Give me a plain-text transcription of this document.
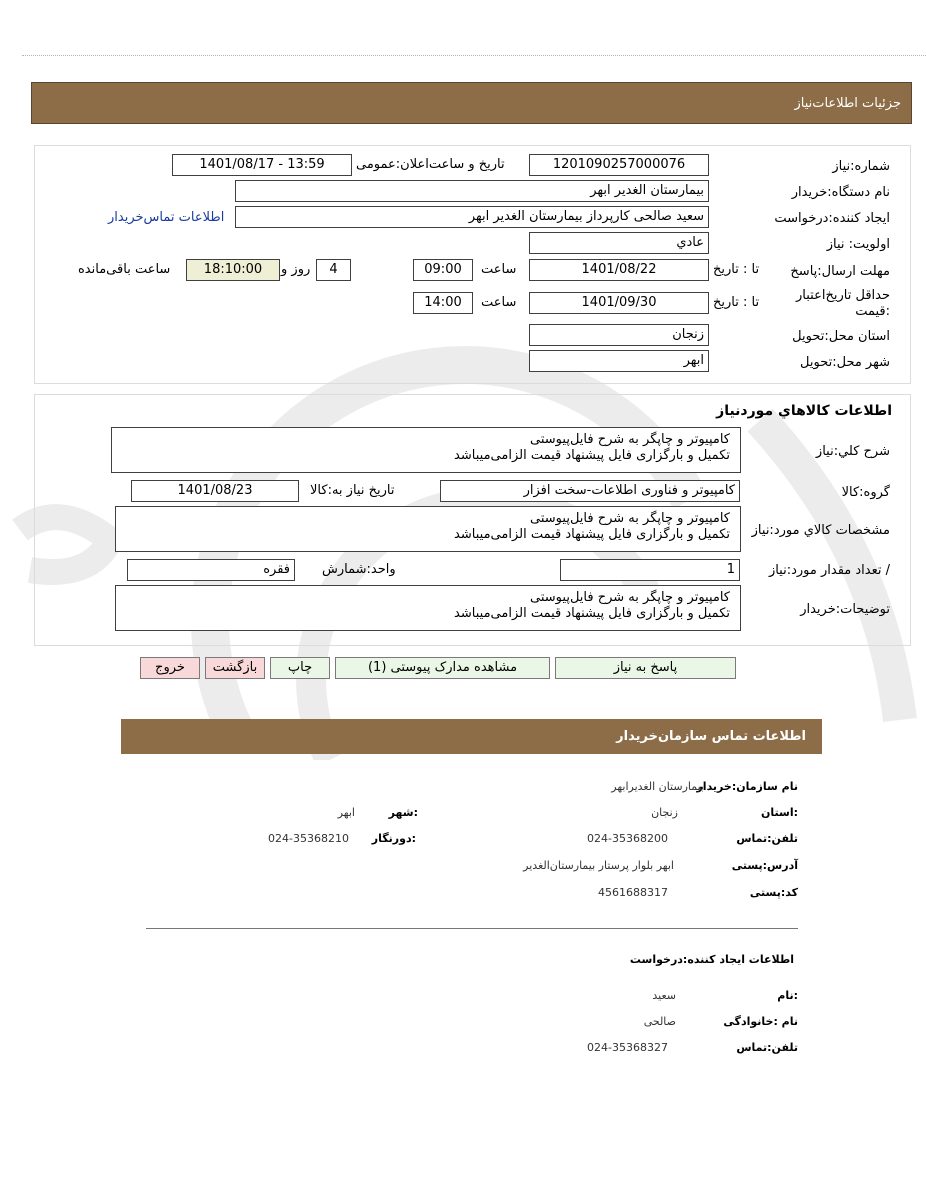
جزئیات اطلاعات‌نیاز
شماره:نیاز
1201090257000076
تاریخ و ساعت‌اعلان:عمومی
1401/08/17 - 13:59
نام دستگاه:خریدار
بیمارستان الغدیر ابهر
ایجاد کننده:درخواست
سعید صالحی کارپرداز بیمارستان الغدیر ابهر
اطلاعات تماس‌خریدار
اولویت: نیاز
عادي
مهلت ارسال:پاسخ
تا : تاریخ
1401/08/22
ساعت
09:00
4
روز و
18:10:00
ساعت باقی‌مانده
حداقل تاریخ‌اعتبار :قیمت
تا : تاریخ
1401/09/30
ساعت
14:00
استان محل:تحویل
زنجان
شهر محل:تحویل
ابهر
اطلاعات کالاهاي موردنیاز
شرح کلي:نیاز
کامپیوتر و چاپگر به شرح فایل‌پیوستی
تکمیل و بارگزاری فایل پیشنهاد قیمت الزامی‌میباشد
گروه:کالا
کامپیوتر و فناوری اطلاعات-سخت افزار
تاریخ نیاز به:کالا
1401/08/23
مشخصات کالاي مورد:نیاز
کامپیوتر و چاپگر به شرح فایل‌پیوستی
تکمیل و بارگزاری فایل پیشنهاد قیمت الزامی‌میباشد
/ تعداد مقدار مورد:نیاز
1
واحد:شمارش
فقره
توضیحات:خریدار
کامپیوتر و چاپگر به شرح فایل‌پیوستی
تکمیل و بارگزاری فایل پیشنهاد قیمت الزامی‌میباشد
پاسخ به نیاز
مشاهده مدارک پیوستی (1)
چاپ
بازگشت
خروج
اطلاعات تماس سازمان‌خریدار
نام سازمان:خریدار
بیمارستان الغدیرابهر
:استان
زنجان
:شهر
ابهر
تلفن:تماس
024-35368200
:دورنگار
024-35368210
آدرس:پستی
ابهر بلوار پرستار بیمارستان‌الغدیر
کد:پستی
4561688317
اطلاعات ایجاد کننده:درخواست
:نام
سعید
نام :خانوادگی
صالحی
تلفن:تماس
024-35368327
